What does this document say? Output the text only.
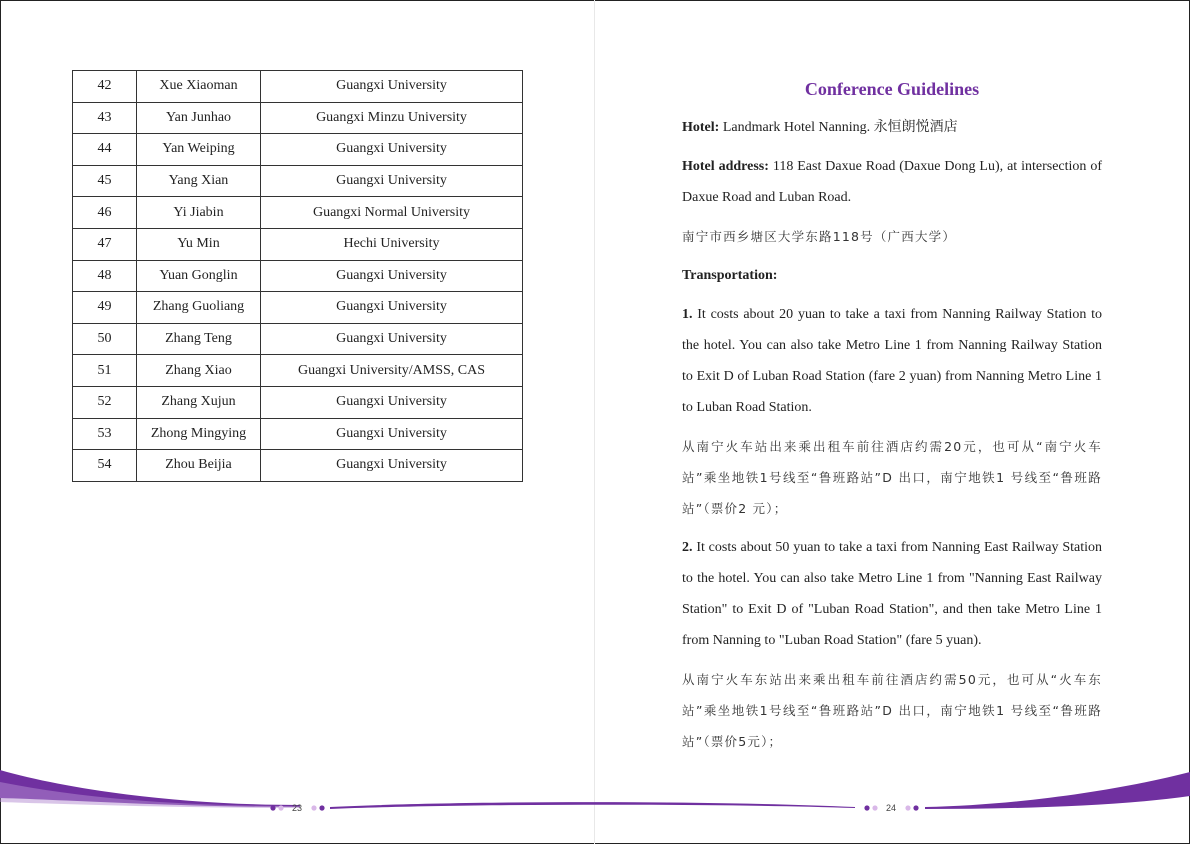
42	Xue Xiaoman	Guangxi University
43	Yan Junhao	Guangxi Minzu University
44	Yan Weiping	Guangxi University
45	Yang Xian	Guangxi University
46	Yi Jiabin	Guangxi Normal University
47	Yu Min	Hechi University
48	Yuan Gonglin	Guangxi University
49	Zhang Guoliang	Guangxi University
50	Zhang Teng	Guangxi University
51	Zhang Xiao	Guangxi University/AMSS, CAS
52	Zhang Xujun	Guangxi University
53	Zhong Mingying	Guangxi University
54	Zhou Beijia	Guangxi University
Conference Guidelines

Hotel: Landmark Hotel Nanning. 永恒朗悦酒店

Hotel address: 118 East Daxue Road (Daxue Dong Lu), at intersection of Daxue Road and Luban Road.

南宁市西乡塘区大学东路118号（广西大学）

Transportation:

1. It costs about 20 yuan to take a taxi from Nanning Railway Station to the hotel. You can also take Metro Line 1 from Nanning Railway Station to Exit D of Luban Road Station (fare 2 yuan) from Nanning Metro Line 1 to Luban Road Station.

从南宁火车站出来乘出租车前往酒店约需20元，也可从“南宁火车站”乘坐地铁1号线至“鲁班路站”D 出口，南宁地铁1 号线至“鲁班路站”（票价2 元）；

2. It costs about 50 yuan to take a taxi from Nanning East Railway Station to the hotel. You can also take Metro Line 1 from "Nanning East Railway Station" to Exit D of "Luban Road Station", and then take Metro Line 1 from Nanning to "Luban Road Station" (fare 5 yuan).

从南宁火车东站出来乘出租车前往酒店约需50元，也可从“火车东站”乘坐地铁1号线至“鲁班路站”D 出口，南宁地铁1 号线至“鲁班路站”（票价5元）；

23	24
